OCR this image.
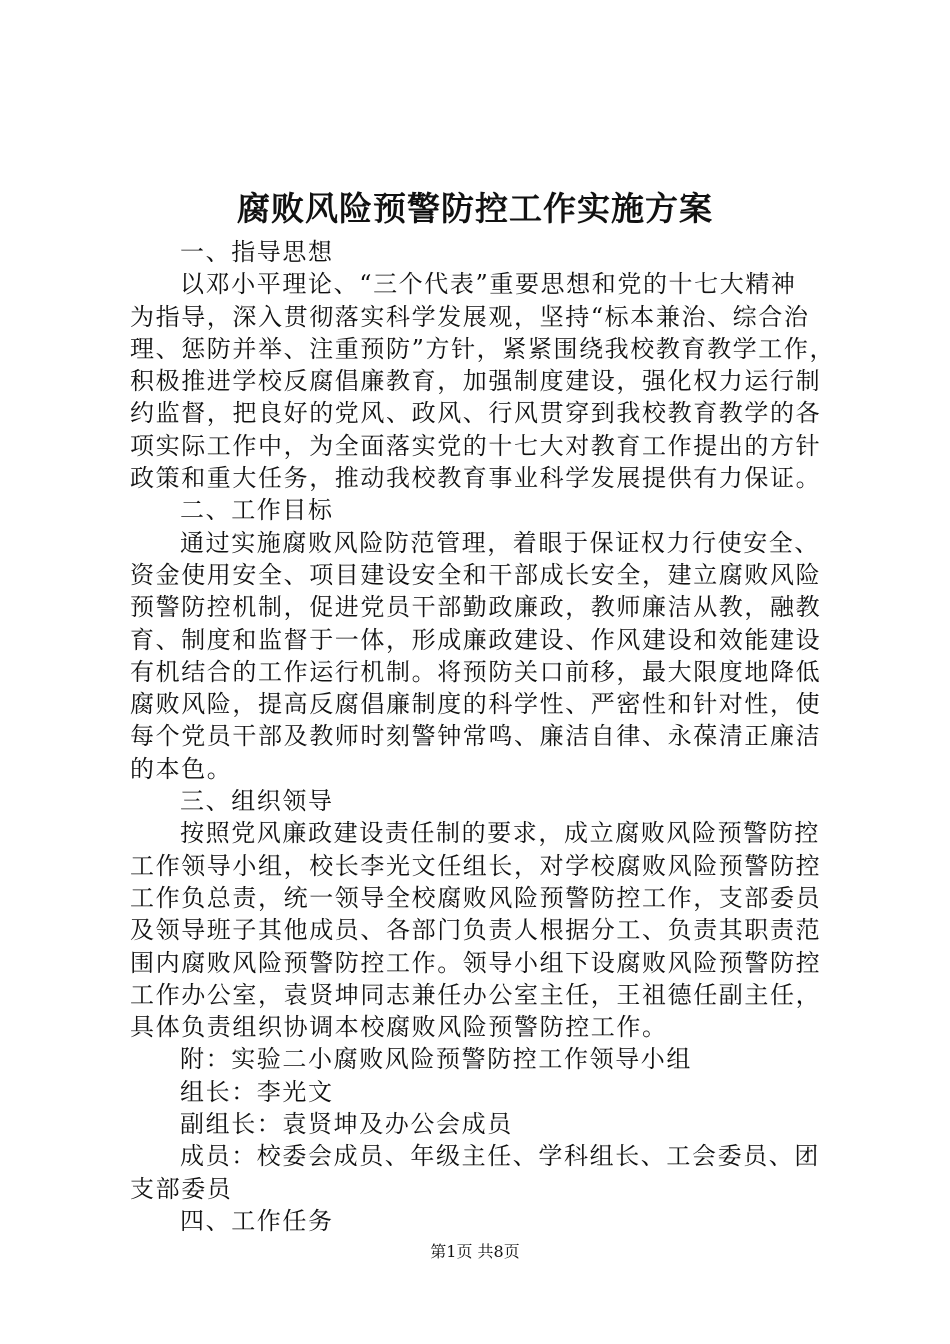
腐败风险预警防控工作实施方案
一、指导思想

以邓小平理论、“三个代表”重要思想和党的十七大精神
为指导，深入贯彻落实科学发展观，坚持“标本兼治、综合治
理、惩防并举、注重预防”方针，紧紧围绕我校教育教学工作，
积极推进学校反腐倡廉教育，加强制度建设，强化权力运行制
约监督，把良好的党风、政风、行风贯穿到我校教育教学的各
项实际工作中，为全面落实党的十七大对教育工作提出的方针
政策和重大任务，推动我校教育事业科学发展提供有力保证。

二、工作目标

通过实施腐败风险防范管理，着眼于保证权力行使安全、
资金使用安全、项目建设安全和干部成长安全，建立腐败风险
预警防控机制，促进党员干部勤政廉政，教师廉洁从教，融教
育、制度和监督于一体，形成廉政建设、作风建设和效能建设
有机结合的工作运行机制。将预防关口前移，最大限度地降低
腐败风险，提高反腐倡廉制度的科学性、严密性和针对性，使
每个党员干部及教师时刻警钟常鸣、廉洁自律、永葆清正廉洁
的本色。

三、组织领导

按照党风廉政建设责任制的要求，成立腐败风险预警防控
工作领导小组，校长李光文任组长，对学校腐败风险预警防控
工作负总责，统一领导全校腐败风险预警防控工作，支部委员
及领导班子其他成员、各部门负责人根据分工、负责其职责范
围内腐败风险预警防控工作。领导小组下设腐败风险预警防控
工作办公室，袁贤坤同志兼任办公室主任，王祖德任副主任，
具体负责组织协调本校腐败风险预警防控工作。

附：实验二小腐败风险预警防控工作领导小组

组长：李光文

副组长：袁贤坤及办公会成员

成员：校委会成员、年级主任、学科组长、工会委员、团
支部委员

四、工作任务

第1页 共8页
